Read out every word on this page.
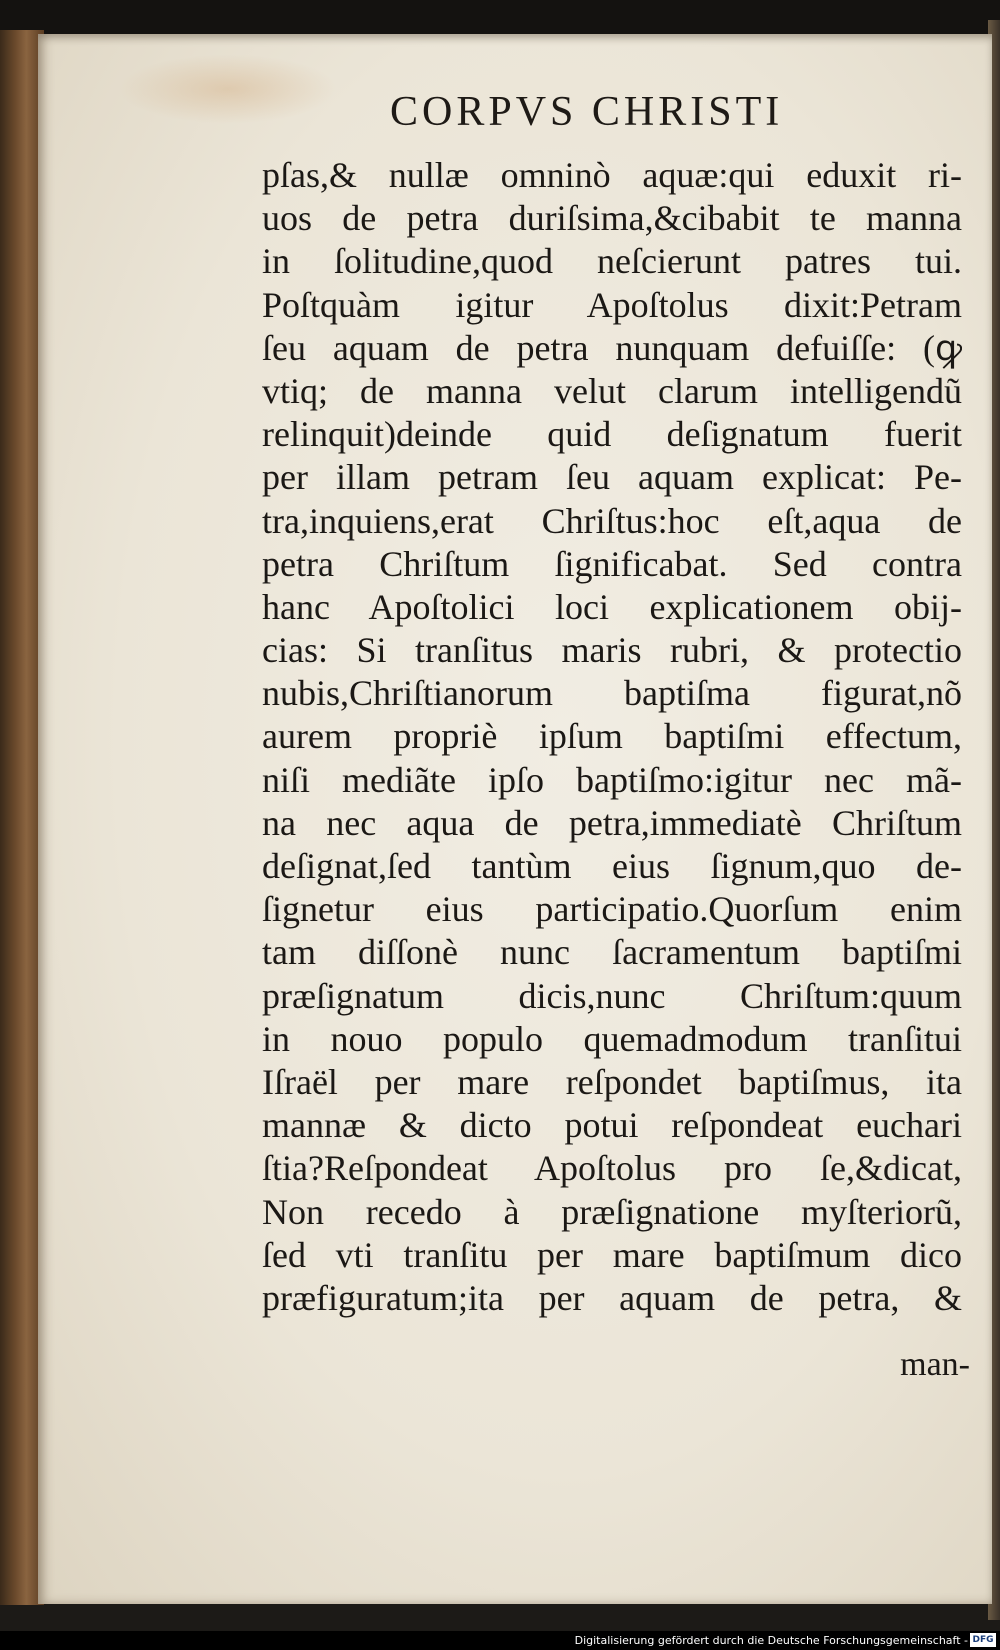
CORPVS CHRISTI
pſas,& nullæ omninò aquæ:qui eduxit ri-
uos de petra duriſsima,&cibabit te manna
in ſolitudine,quod neſcierunt patres tui.
Poſtquàm igitur Apoſtolus dixit:Petram
ſeu aquam de petra nunquam defuiſſe: (ꝙ
vtiq; de manna velut clarum intelligendũ
relinquit)deinde quid deſignatum fuerit
per illam petram ſeu aquam explicat: Pe-
tra,inquiens,erat Chriſtus:hoc eſt,aqua de
petra Chriſtum ſignificabat. Sed contra
hanc Apoſtolici loci explicationem obij-
cias: Si tranſitus maris rubri, & protectio
nubis,Chriſtianorum baptiſma figurat,nõ
aurem propriè ipſum baptiſmi effectum,
niſi mediãte ipſo baptiſmo:igitur nec mã-
na nec aqua de petra,immediatè Chriſtum
deſignat,ſed tantùm eius ſignum,quo de-
ſignetur eius participatio.Quorſum enim
tam diſſonè nunc ſacramentum baptiſmi
præſignatum dicis,nunc Chriſtum:quum
in nouo populo quemadmodum tranſitui
Iſraël per mare reſpondet baptiſmus, ita
mannæ & dicto potui reſpondeat euchari
ſtia?Reſpondeat Apoſtolus pro ſe,&dicat,
Non recedo à præſignatione myſteriorũ,
ſed vti tranſitu per mare baptiſmum dico
præfiguratum;ita per aquam de petra, &
man-
Digitalisierung gefördert durch die Deutsche Forschungsgemeinschaft - DFG
